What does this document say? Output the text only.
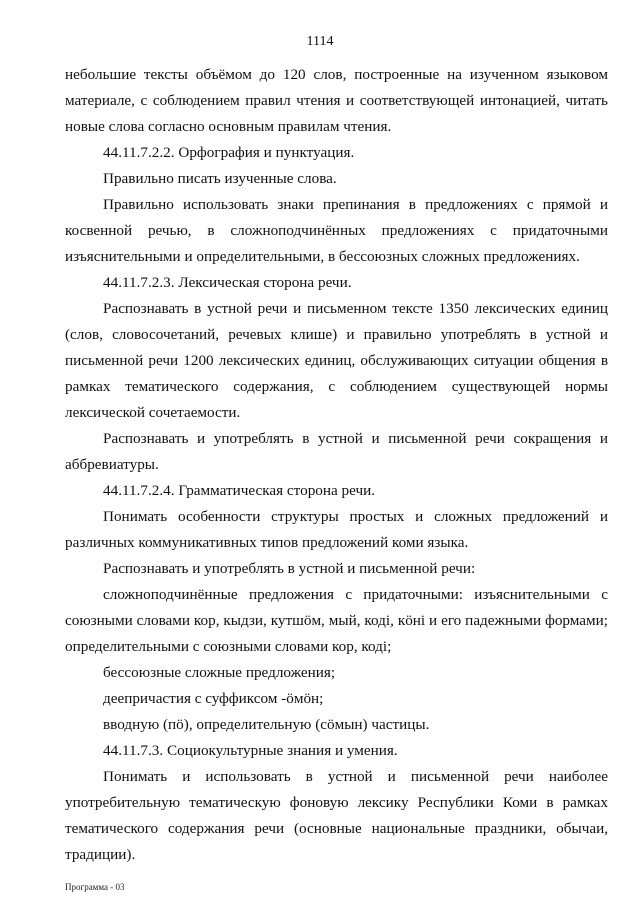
1114

небольшие тексты объёмом до 120 слов, построенные на изученном языковом материале, с соблюдением правил чтения и соответствующей интонацией, читать новые слова согласно основным правилам чтения.

44.11.7.2.2. Орфография и пунктуация.

Правильно писать изученные слова.

Правильно использовать знаки препинания в предложениях с прямой и косвенной речью, в сложноподчинённых предложениях с придаточными изъяснительными и определительными, в бессоюзных сложных предложениях.

44.11.7.2.3. Лексическая сторона речи.

Распознавать в устной речи и письменном тексте 1350 лексических единиц (слов, словосочетаний, речевых клише) и правильно употреблять в устной и письменной речи 1200 лексических единиц, обслуживающих ситуации общения в рамках тематического содержания, с соблюдением существующей нормы лексической сочетаемости.

Распознавать и употреблять в устной и письменной речи сокращения и аббревиатуры.

44.11.7.2.4. Грамматическая сторона речи.

Понимать особенности структуры простых и сложных предложений и различных коммуникативных типов предложений коми языка.

Распознавать и употреблять в устной и письменной речи:

сложноподчинённые предложения с придаточными: изъяснительными с союзными словами кор, кыдзи, кутшöм, мый, кодi, кöнi и его падежными формами; определительными с союзными словами кор, кодi;

бессоюзные сложные предложения;

деепричастия с суффиксом -öмöн;

вводную (пö), определительную (сöмын) частицы.

44.11.7.3. Социокультурные знания и умения.

Понимать и использовать в устной и письменной речи наиболее употребительную тематическую фоновую лексику Республики Коми в рамках тематического содержания речи (основные национальные праздники, обычаи, традиции).

Программа - 03
